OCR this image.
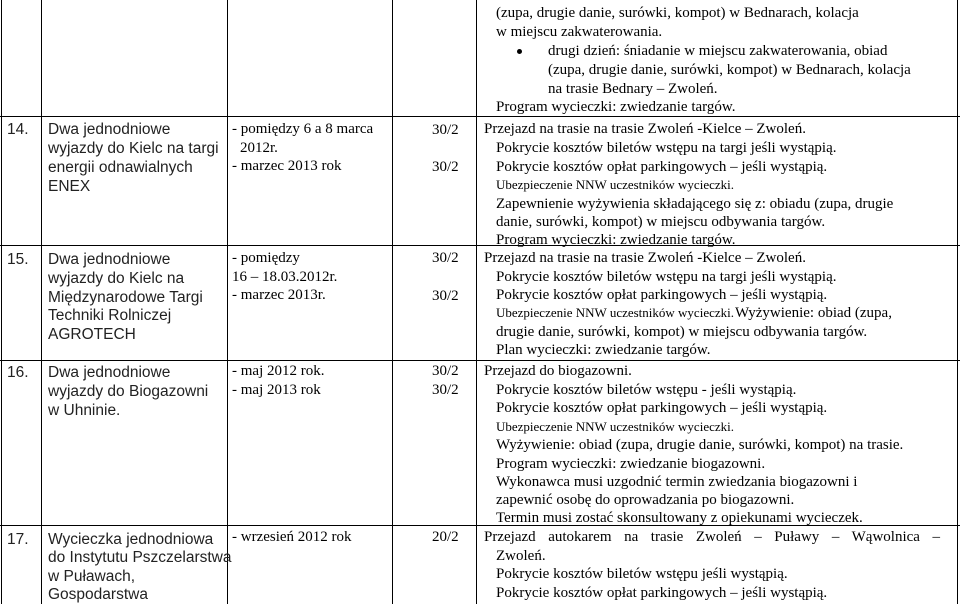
(zupa, drugie danie, surówki, kompot) w Bednarach, kolacja
w miejscu zakwaterowania.
drugi dzień: śniadanie w miejscu zakwaterowania, obiad
(zupa, drugie danie, surówki, kompot) w Bednarach, kolacja
na trasie Bednary – Zwoleń.
Program wycieczki: zwiedzanie targów.
14. Dwa jednodniowe
wyjazdy do Kielc na targi
energii odnawialnych
ENEX
- pomiędzy 6 a 8 marca
2012r.
- marzec 2013 rok
30/2
30/2
Przejazd na trasie na trasie Zwoleń -Kielce – Zwoleń.
Pokrycie kosztów biletów wstępu na targi jeśli wystąpią.
Pokrycie kosztów opłat parkingowych – jeśli wystąpią.
Ubezpieczenie NNW uczestników wycieczki.
Zapewnienie wyżywienia składającego się z: obiadu (zupa, drugie
danie, surówki, kompot) w miejscu odbywania targów.
Program wycieczki: zwiedzanie targów.
15. Dwa jednodniowe
wyjazdy do Kielc na
Międzynarodowe Targi
Techniki Rolniczej
AGROTECH
- pomiędzy
16 – 18.03.2012r.
- marzec 2013r.
30/2
30/2
Przejazd na trasie na trasie Zwoleń -Kielce – Zwoleń.
Pokrycie kosztów biletów wstępu na targi jeśli wystąpią.
Pokrycie kosztów opłat parkingowych – jeśli wystąpią.
Ubezpieczenie NNW uczestników wycieczki. Wyżywienie: obiad (zupa,
drugie danie, surówki, kompot) w miejscu odbywania targów.
Plan wycieczki: zwiedzanie targów.
16. Dwa jednodniowe
wyjazdy do Biogazowni
w Uhninie.
- maj 2012 rok.
- maj 2013 rok
30/2
30/2
Przejazd do biogazowni.
Pokrycie kosztów biletów wstępu - jeśli wystąpią.
Pokrycie kosztów opłat parkingowych – jeśli wystąpią.
Ubezpieczenie NNW uczestników wycieczki.
Wyżywienie: obiad (zupa, drugie danie, surówki, kompot) na trasie.
Program wycieczki: zwiedzanie biogazowni.
Wykonawca musi uzgodnić termin zwiedzania biogazowni i
zapewnić osobę do oprowadzania po biogazowni.
Termin musi zostać skonsultowany z opiekunami wycieczek.
17. Wycieczka jednodniowa
do Instytutu Pszczelarstwa
w Puławach,
Gospodarstwa
- wrzesień 2012 rok	20/2 Przejazd autokarem na trasie Zwoleń – Puławy – Wąwolnica –
Zwoleń.
Pokrycie kosztów biletów wstępu jeśli wystąpią.
Pokrycie kosztów opłat parkingowych – jeśli wystąpią.
